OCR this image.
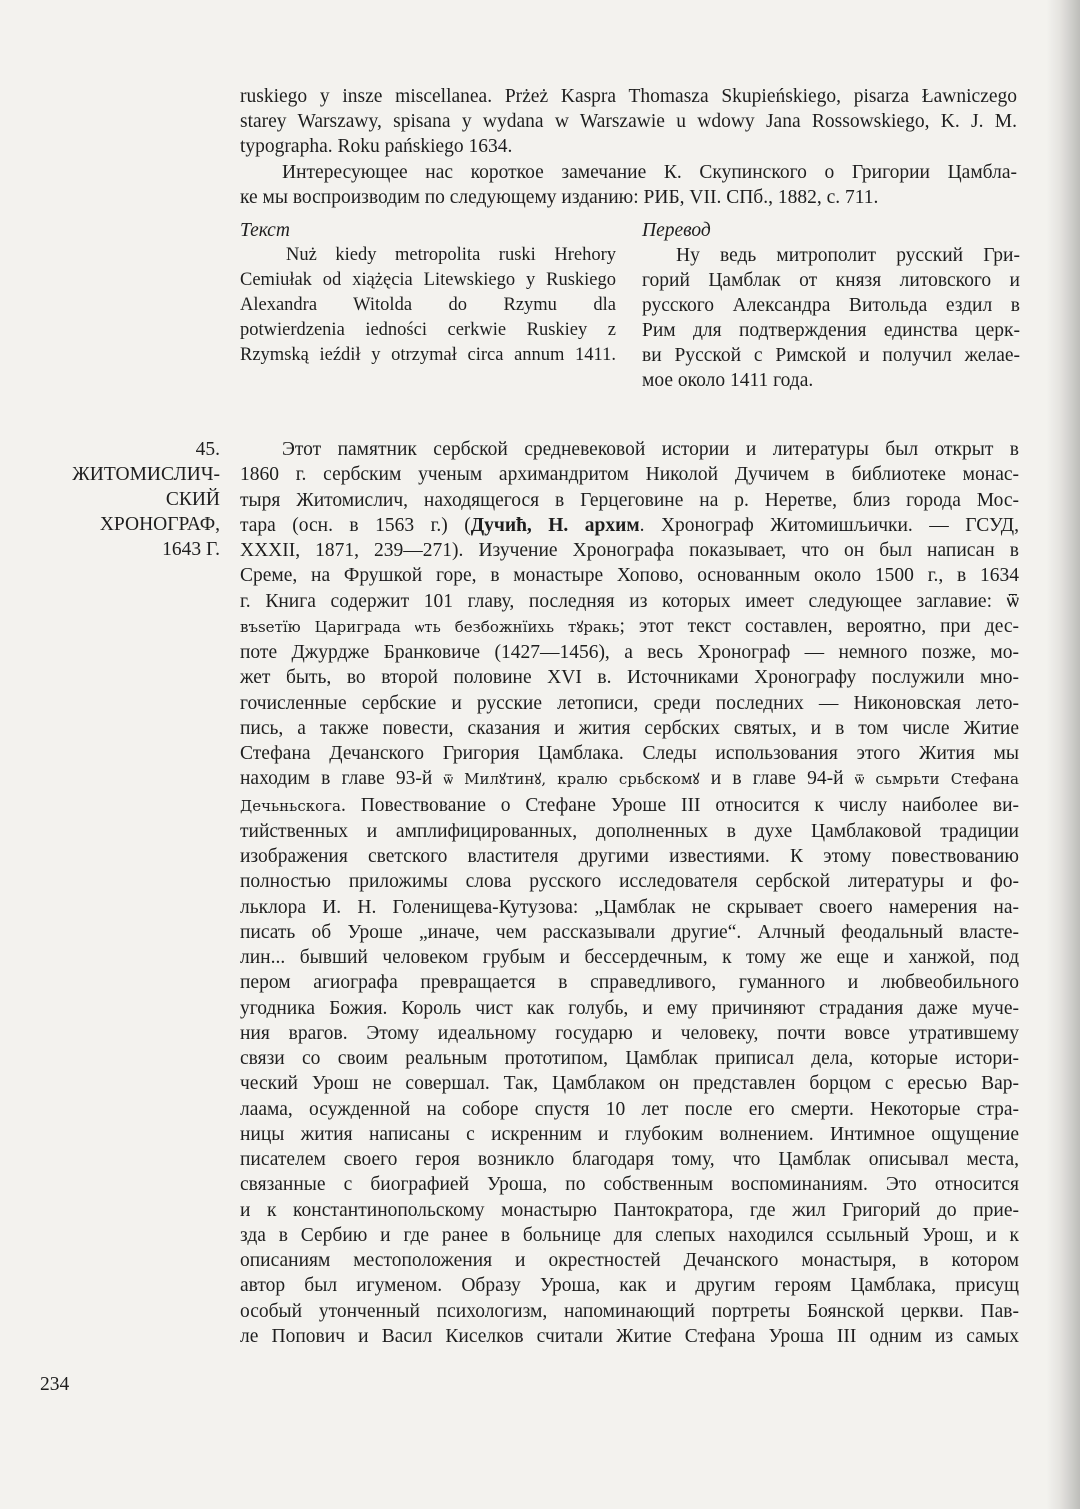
ruskiego y insze miscellanea. Prżeż Kaspra Thomasza Skupieńskiego, pisarza Ławniczego
starey Warszawy, spisana y wydana w Warszawie u wdowy Jana Rossowskiego, K. J. M.
typographa. Roku pańskiego 1634.
Интересующее нас короткое замечание К. Скупинского о Григории Цамбла-
ке мы воспроизводим по следующему изданию: РИБ, VII. СПб., 1882, с. 711.
Текст
Nuż kiedy metropolita ruski Hrehory
Cemiułak od xiążęcia Litewskiego y Ruskiego
Alexandra Witolda do Rzymu dla
potwierdzenia iedności cerkwie Ruskiey z
Rzymską ieźdił y otrzymał circa annum 1411.
Перевод
Ну ведь митрополит русский Гри-
горий Цамблак от князя литовского и
русского Александра Витольда ездил в
Рим для подтверждения единства церк-
ви Русской с Римской и получил желае-
мое около 1411 года.
45.
ЖИТОМИСЛИЧ-
СКИЙ
ХРОНОГРАФ,
1643 Г.
Этот памятник сербской средневековой истории и литературы был открыт в
1860 г. сербским ученым архимандритом Николой Дучичем в библиотеке монас-
тыря Житомислич, находящегося в Герцеговине на р. Неретве, близ города Мос-
тара (осн. в 1563 г.) (Дучић, Н. архим. Хронограф Житомишљички. — ГСУД,
XXXII, 1871, 239—271). Изучение Хронографа показывает, что он был написан в
Среме, на Фрушкой горе, в монастыре Хопово, основанным около 1500 г., в 1634
г. Книга содержит 101 главу, последняя из которых имеет следующее заглавие: ѿ
въѕетїю Цариграда ѡть безбожнїихь тꙋракь; этот текст составлен, вероятно, при дес-
поте Джурдже Бранковиче (1427—1456), а весь Хронограф — немного позже, мо-
жет быть, во второй половине XVI в. Источниками Хронографу послужили мно-
гочисленные сербские и русские летописи, среди последних — Никоновская лето-
пись, а также повести, сказания и жития сербских святых, и в том числе Житие
Стефана Дечанского Григория Цамблака. Следы использования этого Жития мы
находим в главе 93-й ѿ Милꙋтинꙋ, кралю срьбскомꙋ и в главе 94-й ѿ сьмрьти Стефана
Дечьньскога. Повествование о Стефане Уроше III относится к числу наиболее ви-
тийственных и амплифицированных, дополненных в духе Цамблаковой традиции
изображения светского властителя другими известиями. К этому повествованию
полностью приложимы слова русского исследователя сербской литературы и фо-
льклора И. Н. Голенищева-Кутузова: „Цамблак не скрывает своего намерения на-
писать об Уроше „иначе, чем рассказывали другие“. Алчный феодальный власте-
лин... бывший человеком грубым и бессердечным, к тому же еще и ханжой, под
пером агиографа превращается в справедливого, гуманного и любвеобильного
угодника Божия. Король чист как голубь, и ему причиняют страдания даже муче-
ния врагов. Этому идеальному государю и человеку, почти вовсе утратившему
связи со своим реальным прототипом, Цамблак приписал дела, которые истори-
ческий Урош не совершал. Так, Цамблаком он представлен борцом с ересью Вар-
лаама, осужденной на соборе спустя 10 лет после его смерти. Некоторые стра-
ницы жития написаны с искренним и глубоким волнением. Интимное ощущение
писателем своего героя возникло благодаря тому, что Цамблак описывал места,
связанные с биографией Уроша, по собственным воспоминаниям. Это относится
и к константинопольскому монастырю Пантократора, где жил Григорий до прие-
зда в Сербию и где ранее в больнице для слепых находился ссыльный Урош, и к
описаниям местоположения и окрестностей Дечанского монастыря, в котором
автор был игуменом. Образу Уроша, как и другим героям Цамблака, присущ
особый утонченный психологизм, напоминающий портреты Боянской церкви. Пав-
ле Попович и Васил Киселков считали Житие Стефана Уроша III одним из самых
234
